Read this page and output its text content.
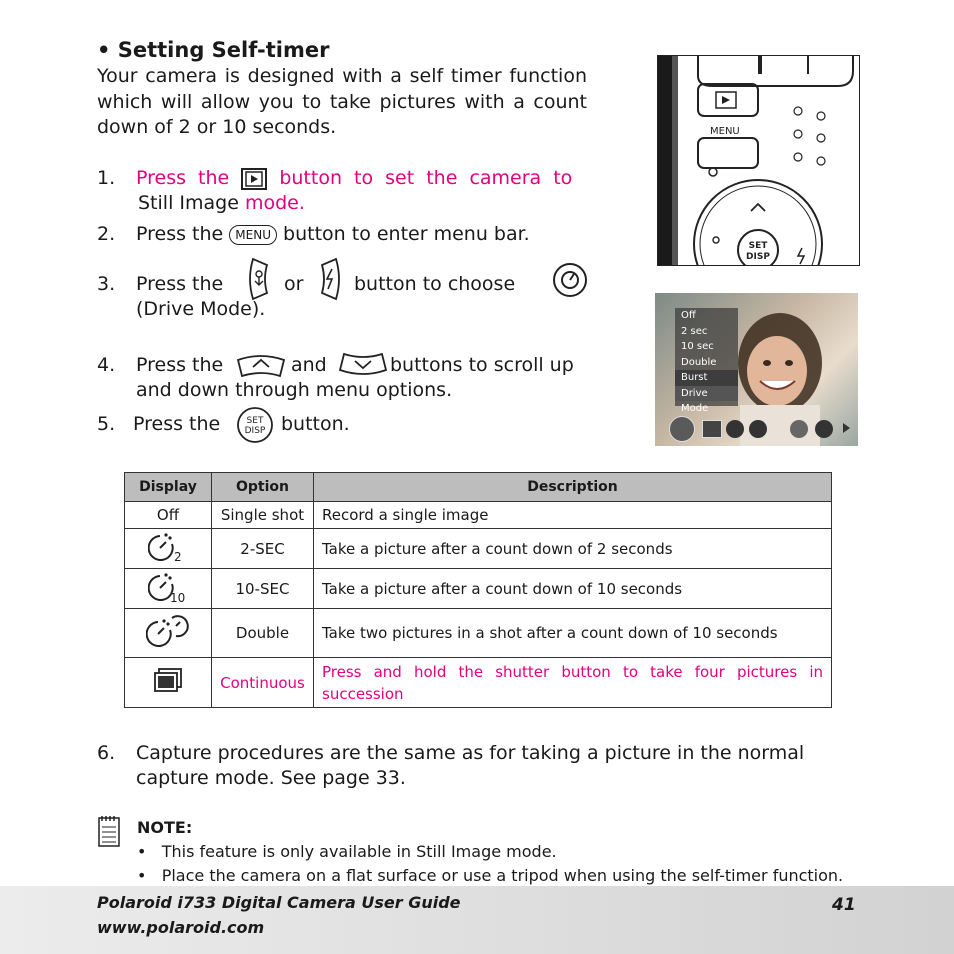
• Setting Self-timer
Your camera is designed with a self timer function which will allow you to take pictures with a count down of 2 or 10 seconds.
1. Press the	button to set the camera to
Still Image mode.
2. Press the MENU button to enter menu bar.
3. Press the	or	button to choose
(Drive Mode).
4. Press the	and	buttons to scroll up
and down through menu options.
5. Press the	SET
DISP button.
MENU
SET
DISP
Off
2 sec
10 sec
Double
Burst
Drive Mode
Display	Option	Description
Off	Single shot	Record a single image

2	2-SEC	Take a picture after a count down of 2 seconds

10	10-SEC	Take a picture after a count down of 10 seconds
	Double	Take two pictures in a shot after a count down of 10 seconds
	Continuous	Press and hold the shutter button to take four pictures in succession
6. Capture procedures are the same as for taking a picture in the normal
capture mode. See page 33.
NOTE:
•   This feature is only available in Still Image mode.
•   Place the camera on a flat surface or use a tripod when using the self-timer function.
Polaroid i733 Digital Camera User Guide
www.polaroid.com
41
